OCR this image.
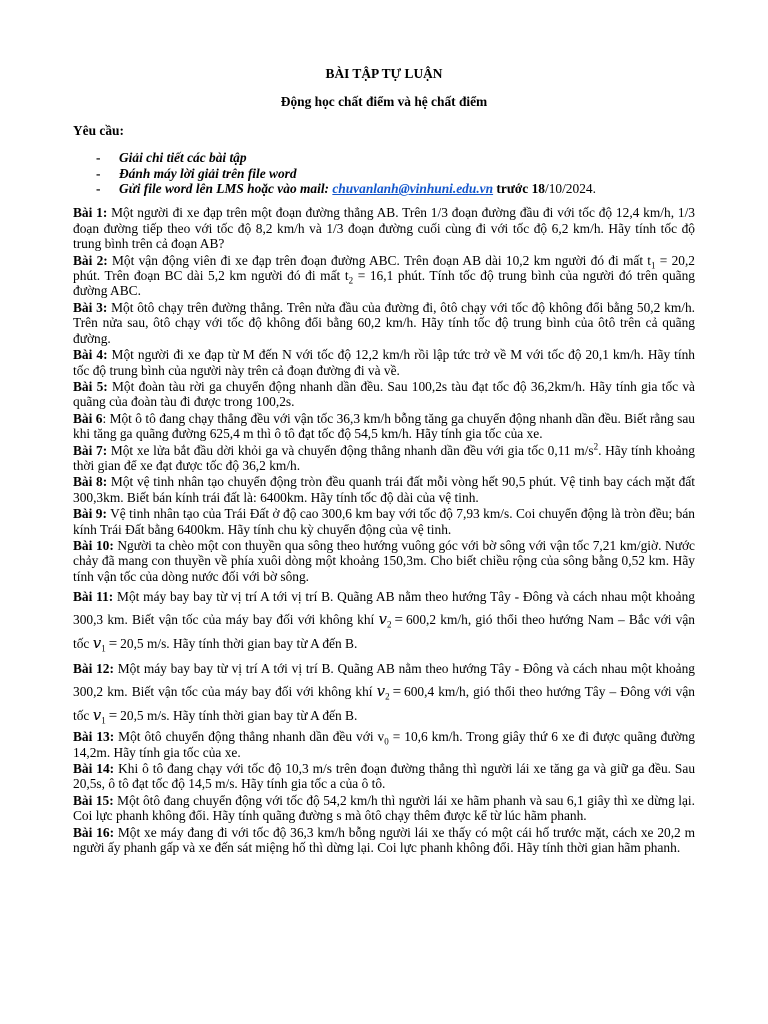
BÀI TẬP TỰ LUẬN

Động học chất điểm và hệ chất điểm

Yêu cầu:

-	Giải chi tiết các bài tập
-	Đánh máy lời giải trên file word
-	Gửi file word lên LMS hoặc vào mail: chuvanlanh@vinhuni.edu.vn trước 18/10/2024.

Bài 1: Một người đi xe đạp trên một đoạn đường thẳng AB. Trên 1/3 đoạn đường đầu đi với tốc độ 12,4 km/h, 1/3 đoạn đường tiếp theo với tốc độ 8,2 km/h và 1/3 đoạn đường cuối cùng đi với tốc độ 6,2 km/h. Hãy tính tốc độ trung bình trên cả đoạn AB?

Bài 2: Một vận động viên đi xe đạp trên đoạn đường ABC. Trên đoạn AB dài 10,2 km người đó đi mất $t_1 = 20,2$ phút. Trên đoạn BC dài 5,2 km người đó đi mất $t_2 = 16,1$ phút. Tính tốc độ trung bình của người đó trên quãng đường ABC.

Bài 3: Một ôtô chạy trên đường thẳng. Trên nửa đầu của đường đi, ôtô chạy với tốc độ không đổi bằng 50,2 km/h. Trên nửa sau, ôtô chạy với tốc độ không đổi bằng 60,2 km/h. Hãy tính tốc độ trung bình của ôtô trên cả quãng đường.

Bài 4: Một người đi xe đạp từ M đến N với tốc độ 12,2 km/h rồi lập tức trở về M với tốc độ 20,1 km/h. Hãy tính tốc độ trung bình của người này trên cả đoạn đường đi và về.

Bài 5: Một đoàn tàu rời ga chuyển động nhanh dần đều. Sau 100,2s tàu đạt tốc độ 36,2km/h. Hãy tính gia tốc và quãng của đoàn tàu đi được trong 100,2s.

Bài 6: Một ô tô đang chạy thẳng đều với vận tốc 36,3 km/h bỗng tăng ga chuyển động nhanh dần đều. Biết rằng sau khi tăng ga quãng đường 625,4 m thì ô tô đạt tốc độ 54,5 km/h. Hãy tính gia tốc của xe.

Bài 7: Một xe lửa bắt đầu dời khỏi ga và chuyển động thẳng nhanh dần đều với gia tốc 0,11 $m/s^2$. Hãy tính khoảng thời gian để xe đạt được tốc độ 36,2 km/h.

Bài 8: Một vệ tinh nhân tạo chuyển động tròn đều quanh trái đất mỗi vòng hết 90,5 phút. Vệ tinh bay cách mặt đất 300,3km. Biết bán kính trái đất là: 6400km. Hãy tính tốc độ dài của vệ tinh.

Bài 9: Vệ tinh nhân tạo của Trái Đất ở độ cao 300,6 km bay với tốc độ 7,93 km/s. Coi chuyển động là tròn đều; bán kính Trái Đất bằng 6400km. Hãy tính chu kỳ chuyển động của vệ tinh.

Bài 10: Người ta chèo một con thuyền qua sông theo hướng vuông góc với bờ sông với vận tốc 7,21 km/giờ. Nước chảy đã mang con thuyền về phía xuôi dòng một khoảng 150,3m. Cho biết chiều rộng của sông bằng 0,52 km. Hãy tính vận tốc của dòng nước đối với bờ sông.

Bài 11: Một máy bay bay từ vị trí A tới vị trí B. Quãng AB nằm theo hướng Tây - Đông và cách nhau một khoảng 300,3 km. Biết vận tốc của máy bay đối với không khí $v_2 = 600,2$ km/h, gió thổi theo hướng Nam – Bắc với vận tốc $v_1 = 20,5$ m/s. Hãy tính thời gian bay từ A đến B.

Bài 12: Một máy bay bay từ vị trí A tới vị trí B. Quãng AB nằm theo hướng Tây - Đông và cách nhau một khoảng 300,2 km. Biết vận tốc của máy bay đối với không khí $v_2 = 600,4$ km/h, gió thổi theo hướng Tây – Đông với vận tốc $v_1 = 20,5$ m/s. Hãy tính thời gian bay từ A đến B.

Bài 13: Một ôtô chuyển động thẳng nhanh dần đều với $v_0 = 10,6$ km/h. Trong giây thứ 6 xe đi được quãng đường 14,2m. Hãy tính gia tốc của xe.

Bài 14: Khi ô tô đang chạy với tốc độ 10,3 m/s trên đoạn đường thẳng thì người lái xe tăng ga và giữ ga đều. Sau 20,5s, ô tô đạt tốc độ 14,5 m/s. Hãy tính gia tốc a của ô tô.

Bài 15: Một ôtô đang chuyển động với tốc độ 54,2 km/h thì người lái xe hãm phanh và sau 6,1 giây thì xe dừng lại. Coi lực phanh không đổi. Hãy tính quãng đường s mà ôtô chạy thêm được kể từ lúc hãm phanh.

Bài 16: Một xe máy đang đi với tốc độ 36,3 km/h bỗng người lái xe thấy có một cái hố trước mặt, cách xe 20,2 m người ấy phanh gấp và xe đến sát miệng hố thì dừng lại. Coi lực phanh không đổi. Hãy tính thời gian hãm phanh.
